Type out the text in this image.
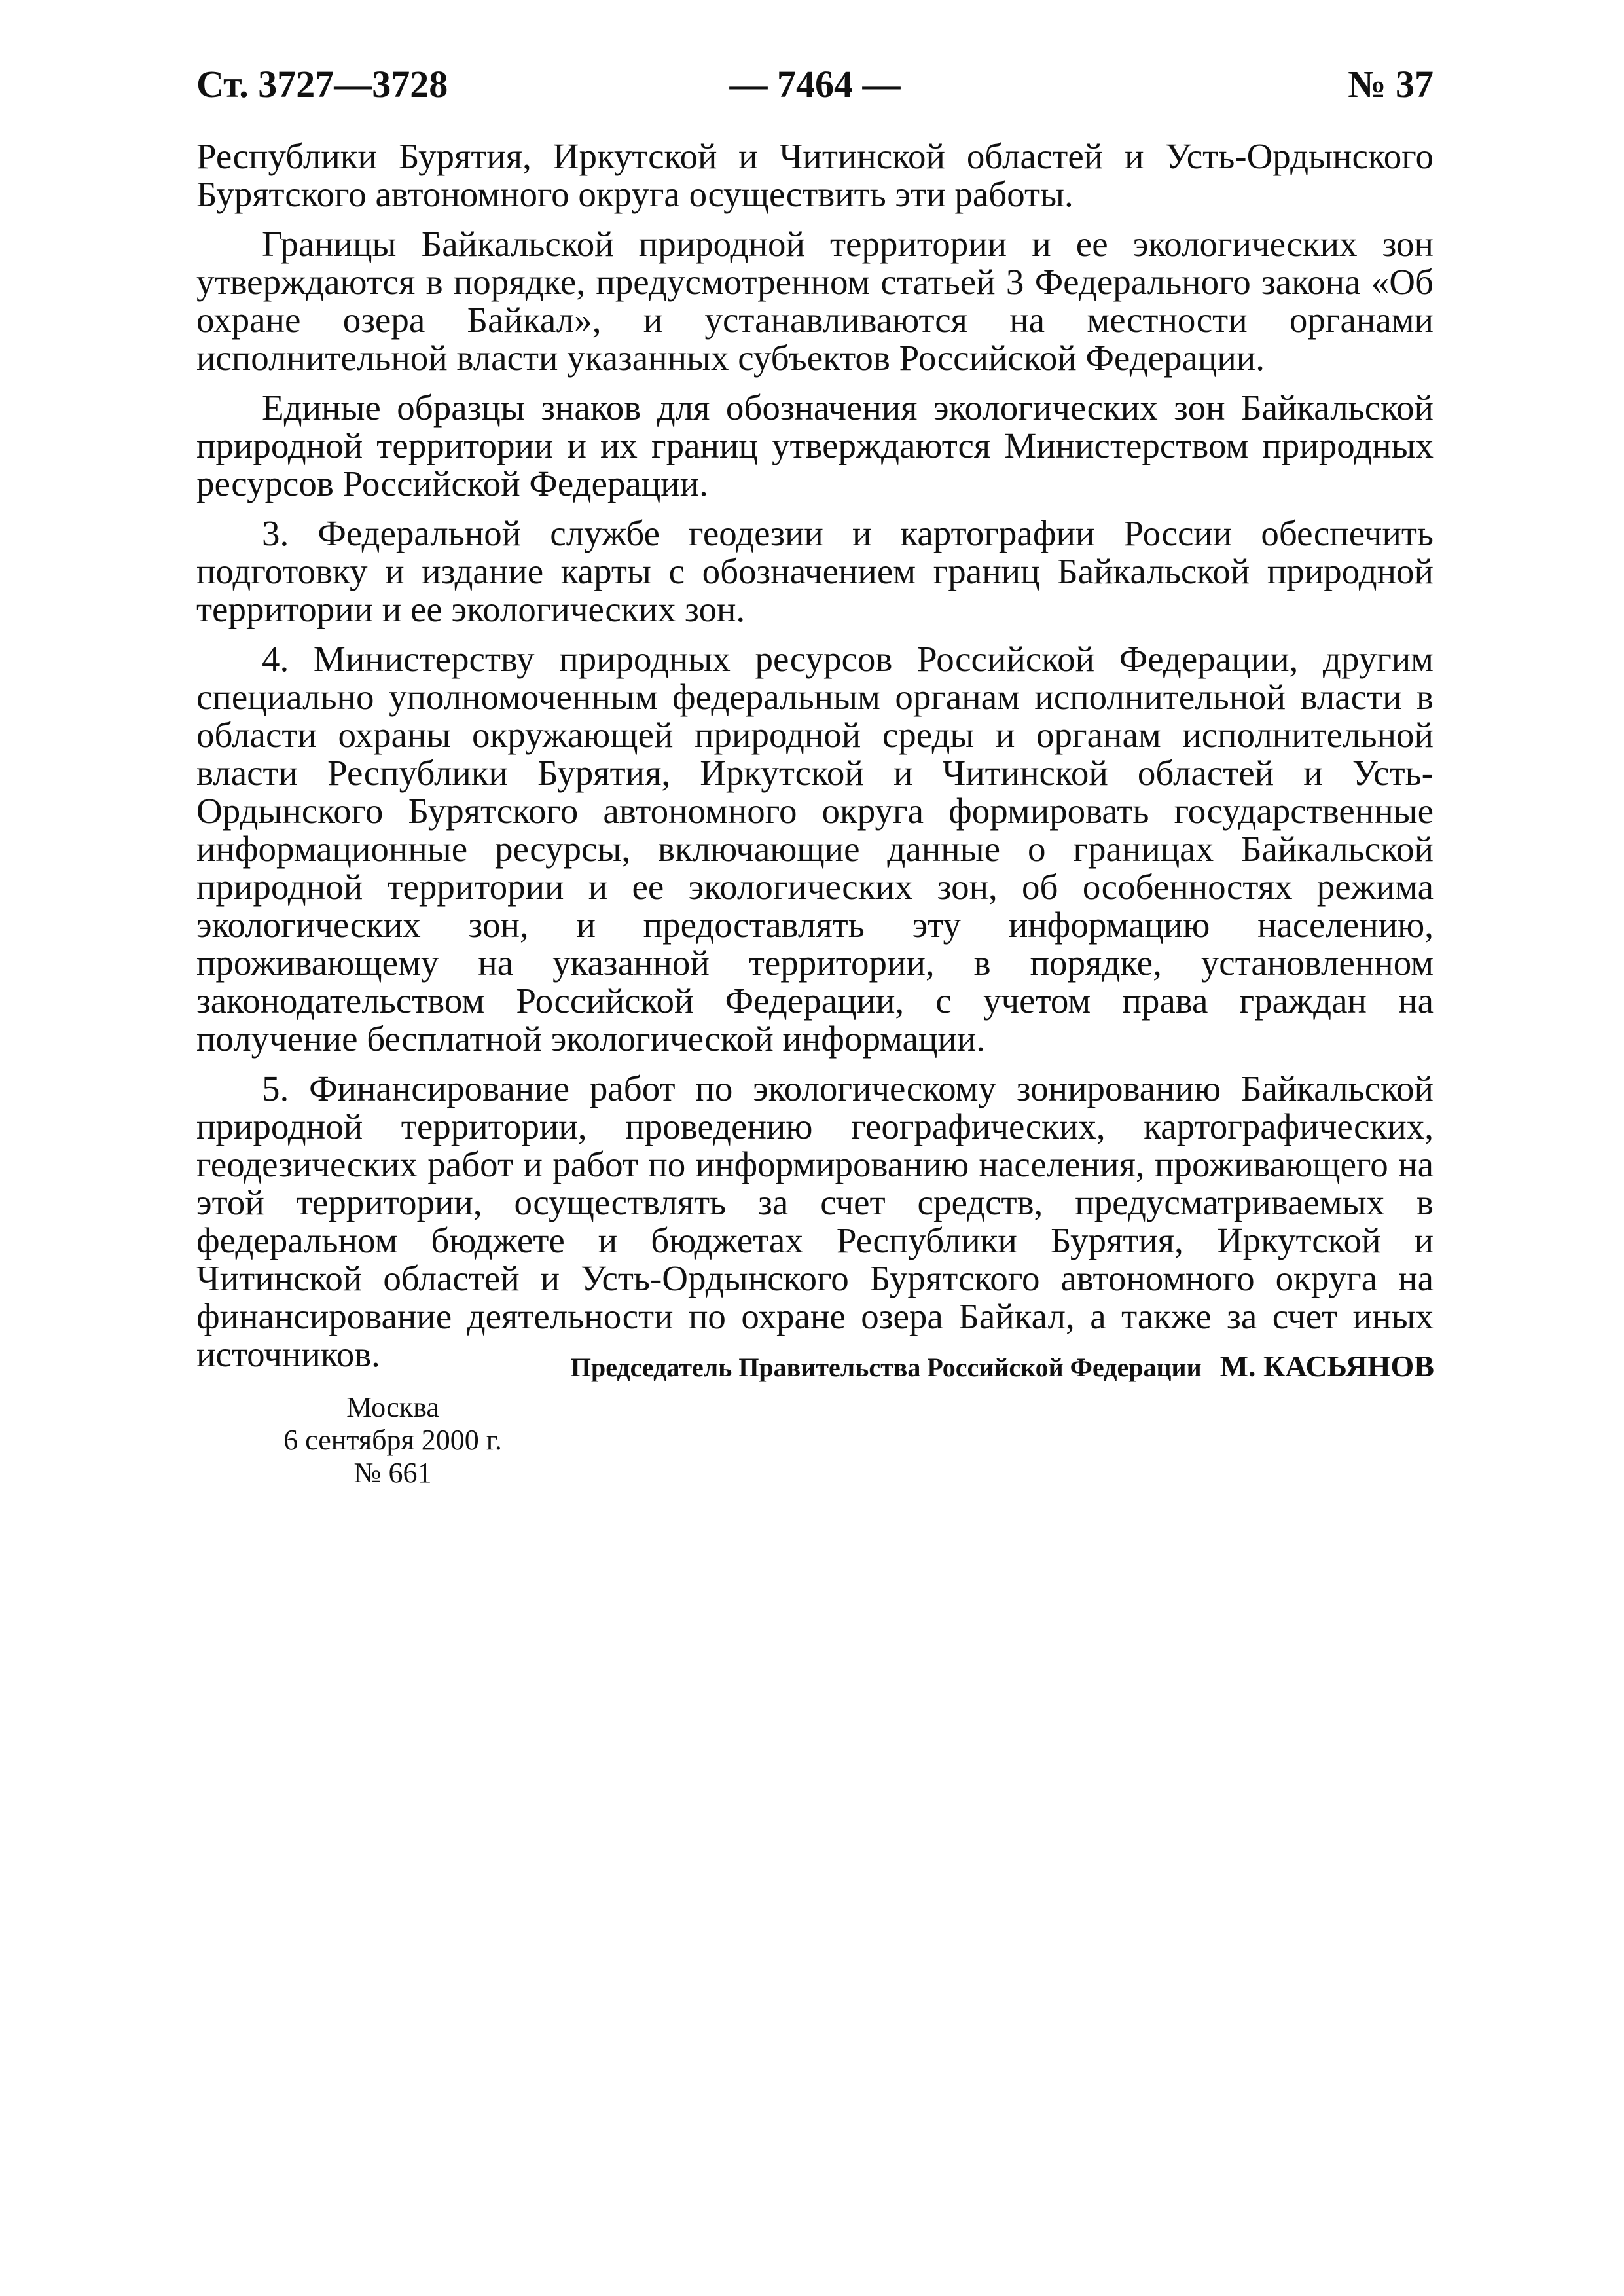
Ст. 3727—3728	— 7464 —	№ 37

Республики Бурятия, Иркутской и Читинской областей и Усть-Ордынского Бурятского автономного округа осуществить эти работы.

Границы Байкальской природной территории и ее экологических зон утверждаются в порядке, предусмотренном статьей 3 Федерального закона «Об охране озера Байкал», и устанавливаются на местности органами исполнительной власти указанных субъектов Российской Федерации.

Единые образцы знаков для обозначения экологических зон Байкальской природной территории и их границ утверждаются Министерством природных ресурсов Российской Федерации.

3. Федеральной службе геодезии и картографии России обеспечить подготовку и издание карты с обозначением границ Байкальской природной территории и ее экологических зон.

4. Министерству природных ресурсов Российской Федерации, другим специально уполномоченным федеральным органам исполнительной власти в области охраны окружающей природной среды и органам исполнительной власти Республики Бурятия, Иркутской и Читинской областей и Усть-Ордынского Бурятского автономного округа формировать государственные информационные ресурсы, включающие данные о границах Байкальской природной территории и ее экологических зон, об особенностях режима экологических зон, и предоставлять эту информацию населению, проживающему на указанной территории, в порядке, установленном законодательством Российской Федерации, с учетом права граждан на получение бесплатной экологической информации.

5. Финансирование работ по экологическому зонированию Байкальской природной территории, проведению географических, картографических, геодезических работ и работ по информированию населения, проживающего на этой территории, осуществлять за счет средств, предусматриваемых в федеральном бюджете и бюджетах Республики Бурятия, Иркутской и Читинской областей и Усть-Ордынского Бурятского автономного округа на финансирование деятельности по охране озера Байкал, а также за счет иных источников.	Председатель Правительства Российской Федерации М. КАСЬЯНОВ
Москва
6 сентября 2000 г.
№ 661
